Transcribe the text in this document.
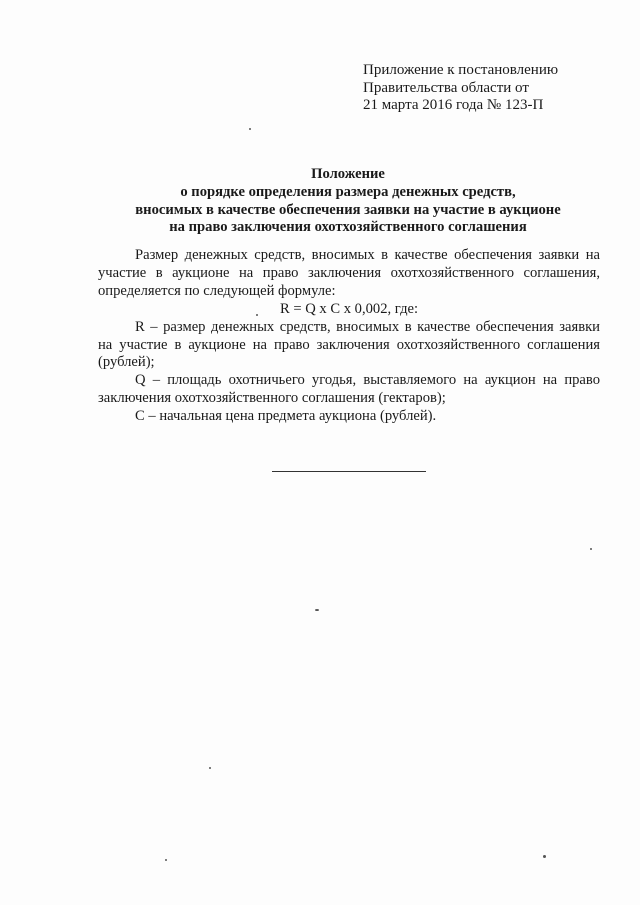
Приложение к постановлению
Правительства области от
21 марта 2016 года № 123-П
Положение
о порядке определения размера денежных средств,
вносимых в качестве обеспечения заявки на участие в аукционе
на право заключения охотхозяйственного соглашения

Размер денежных средств, вносимых в качестве обеспечения заявки на участие в аукционе на право заключения охотхозяйственного соглашения, определяется по следующей формуле:

R = Q x C x 0,002, где:

R – размер денежных средств, вносимых в качестве обеспечения заявки на участие в аукционе на право заключения охотхозяйственного соглашения (рублей);

Q – площадь охотничьего угодья, выставляемого на аукцион на право заключения охотхозяйственного соглашения (гектаров);

С – начальная цена предмета аукциона (рублей).
